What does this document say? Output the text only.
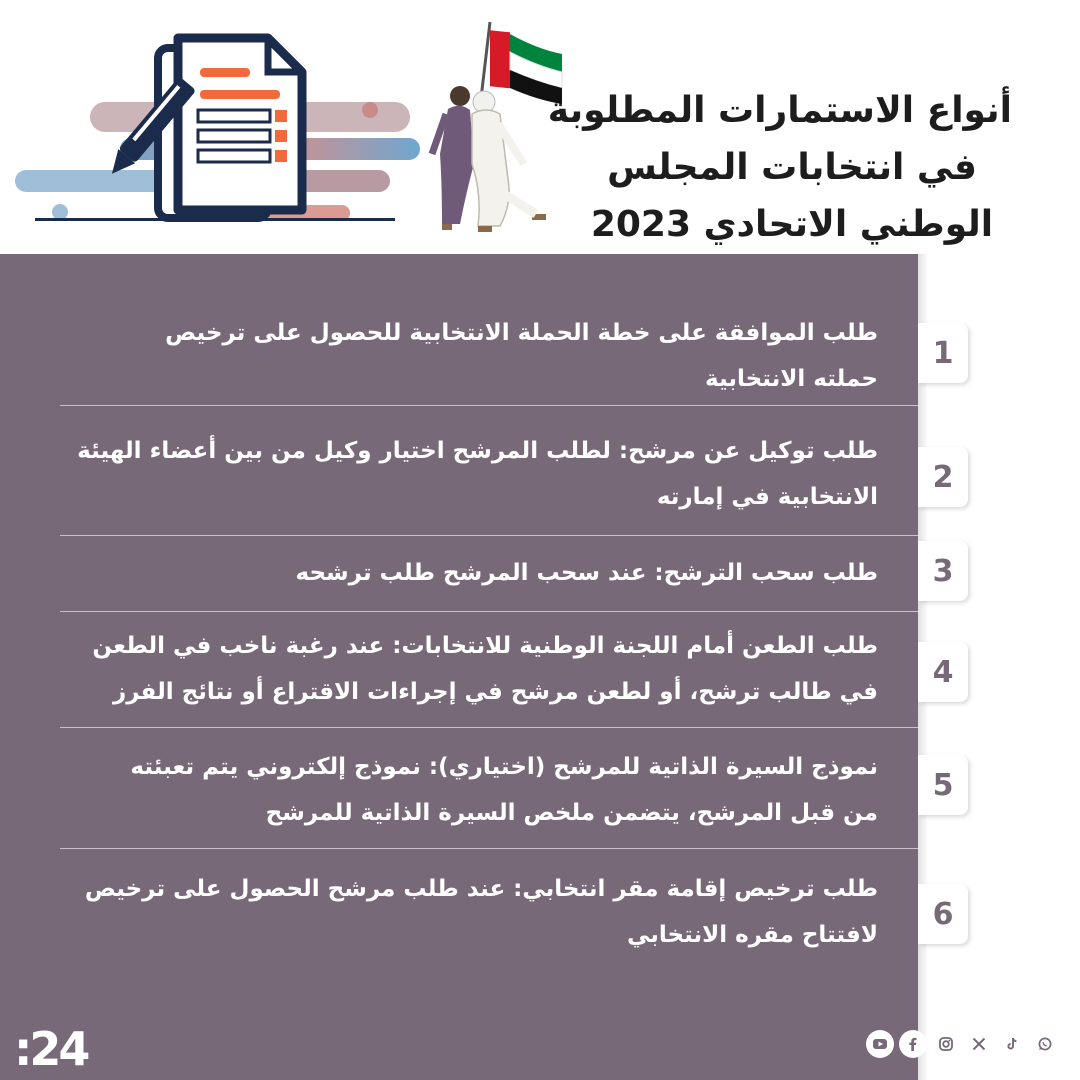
أنواع الاستمارات المطلوبة
في انتخابات المجلس
الوطني الاتحادي 2023
طلب الموافقة على خطة الحملة الانتخابية للحصول على ترخيص
حملته الانتخابية
1
طلب توكيل عن مرشح: لطلب المرشح اختيار وكيل من بين أعضاء الهيئة
الانتخابية في إمارته
2
طلب سحب الترشح: عند سحب المرشح طلب ترشحه	3
طلب الطعن أمام اللجنة الوطنية للانتخابات: عند رغبة ناخب في الطعن
في طالب ترشح، أو لطعن مرشح في إجراءات الاقتراع أو نتائج الفرز
4
نموذج السيرة الذاتية للمرشح (اختياري): نموذج إلكتروني يتم تعبئته
من قبل المرشح، يتضمن ملخص السيرة الذاتية للمرشح
5
طلب ترخيص إقامة مقر انتخابي: عند طلب مرشح الحصول على ترخيص
لافتتاح مقره الانتخابي
6
:24
